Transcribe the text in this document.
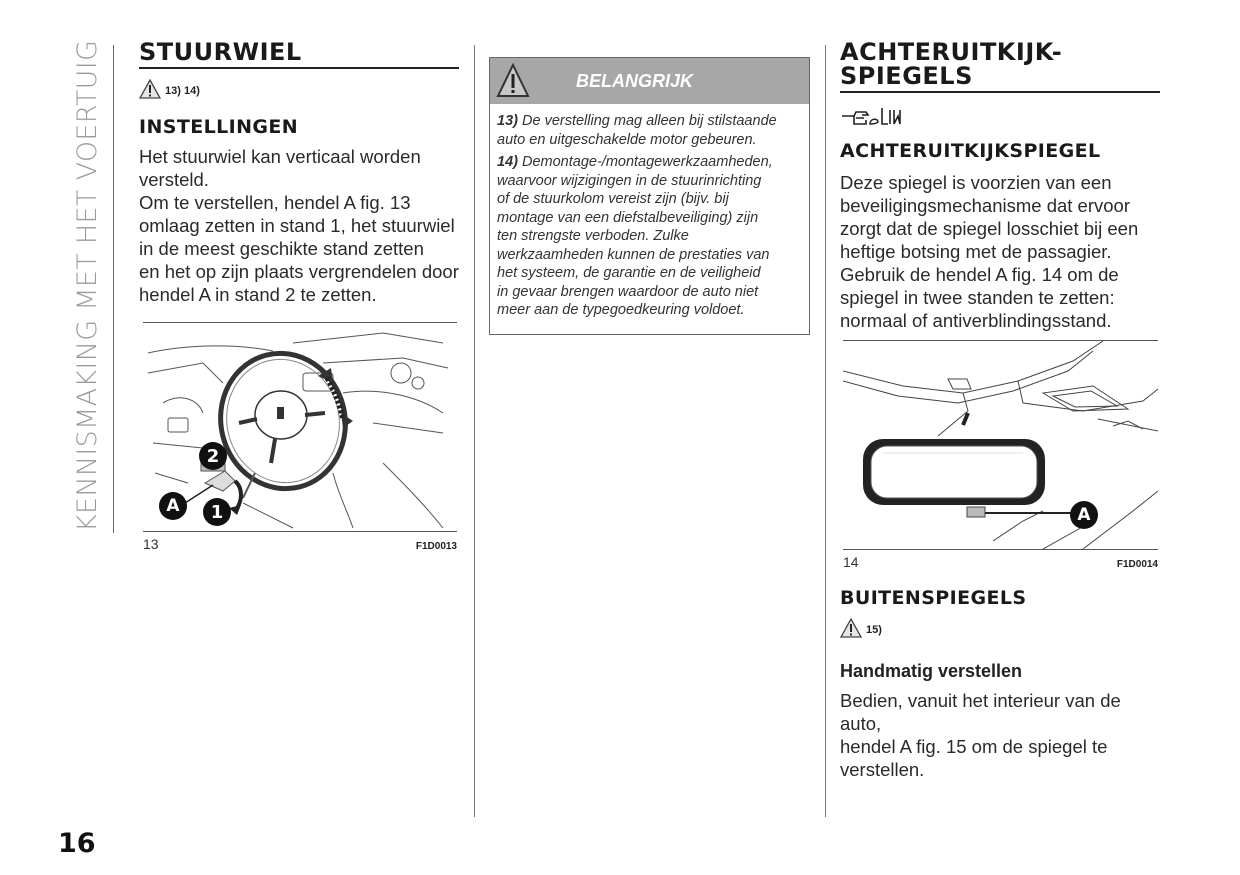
KENNISMAKING MET HET VOERTUIG
16
STUURWIEL
13) 14)
INSTELLINGEN

Het stuurwiel kan verticaal worden

versteld.

Om te verstellen, hendel A fig. 13

omlaag zetten in stand 1, het stuurwiel

in de meest geschikte stand zetten

en het op zijn plaats vergrendelen door

hendel A in stand 2 te zetten.

2
A	1
13	F1D0013
BELANGRIJK
13) De verstelling mag alleen bij stilstaande
auto en uitgeschakelde motor gebeuren.
14) Demontage-/montagewerkzaamheden,
waarvoor wijzigingen in de stuurinrichting
of de stuurkolom vereist zijn (bijv. bij
montage van een diefstalbeveiliging) zijn
ten strengste verboden. Zulke
werkzaamheden kunnen de prestaties van
het systeem, de garantie en de veiligheid
in gevaar brengen waardoor de auto niet
meer aan de typegoedkeuring voldoet.
ACHTERUITKIJK-
SPIEGELS
ACHTERUITKIJKSPIEGEL

Deze spiegel is voorzien van een

beveiligingsmechanisme dat ervoor

zorgt dat de spiegel losschiet bij een

heftige botsing met de passagier.

Gebruik de hendel A fig. 14 om de

spiegel in twee standen te zetten:

normaal of antiverblindingsstand.

A
14	F1D0014
BUITENSPIEGELS
15)
Handmatig verstellen

Bedien, vanuit het interieur van de auto,

hendel A fig. 15 om de spiegel te

verstellen.
